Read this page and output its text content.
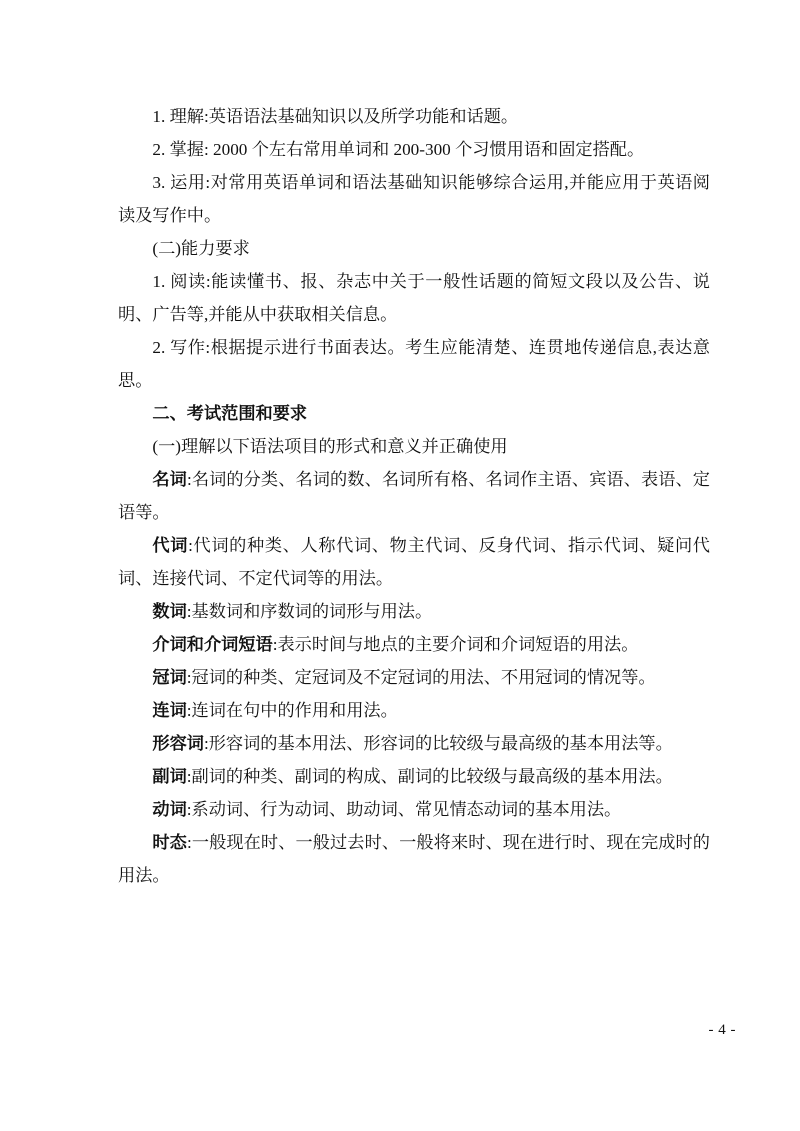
1. 理解:英语语法基础知识以及所学功能和话题。

2. 掌握: 2000 个左右常用单词和 200-300 个习惯用语和固定搭配。

3. 运用:对常用英语单词和语法基础知识能够综合运用,并能应用于英语阅读及写作中。

(二)能力要求

1. 阅读:能读懂书、报、杂志中关于一般性话题的简短文段以及公告、说明、广告等,并能从中获取相关信息。

2. 写作:根据提示进行书面表达。考生应能清楚、连贯地传递信息,表达意思。

二、考试范围和要求

(一)理解以下语法项目的形式和意义并正确使用

名词:名词的分类、名词的数、名词所有格、名词作主语、宾语、表语、定语等。

代词:代词的种类、人称代词、物主代词、反身代词、指示代词、疑问代词、连接代词、不定代词等的用法。

数词:基数词和序数词的词形与用法。

介词和介词短语:表示时间与地点的主要介词和介词短语的用法。

冠词:冠词的种类、定冠词及不定冠词的用法、不用冠词的情况等。

连词:连词在句中的作用和用法。

形容词:形容词的基本用法、形容词的比较级与最高级的基本用法等。

副词:副词的种类、副词的构成、副词的比较级与最高级的基本用法。

动词:系动词、行为动词、助动词、常见情态动词的基本用法。

时态:一般现在时、一般过去时、一般将来时、现在进行时、现在完成时的用法。

- 4 -
